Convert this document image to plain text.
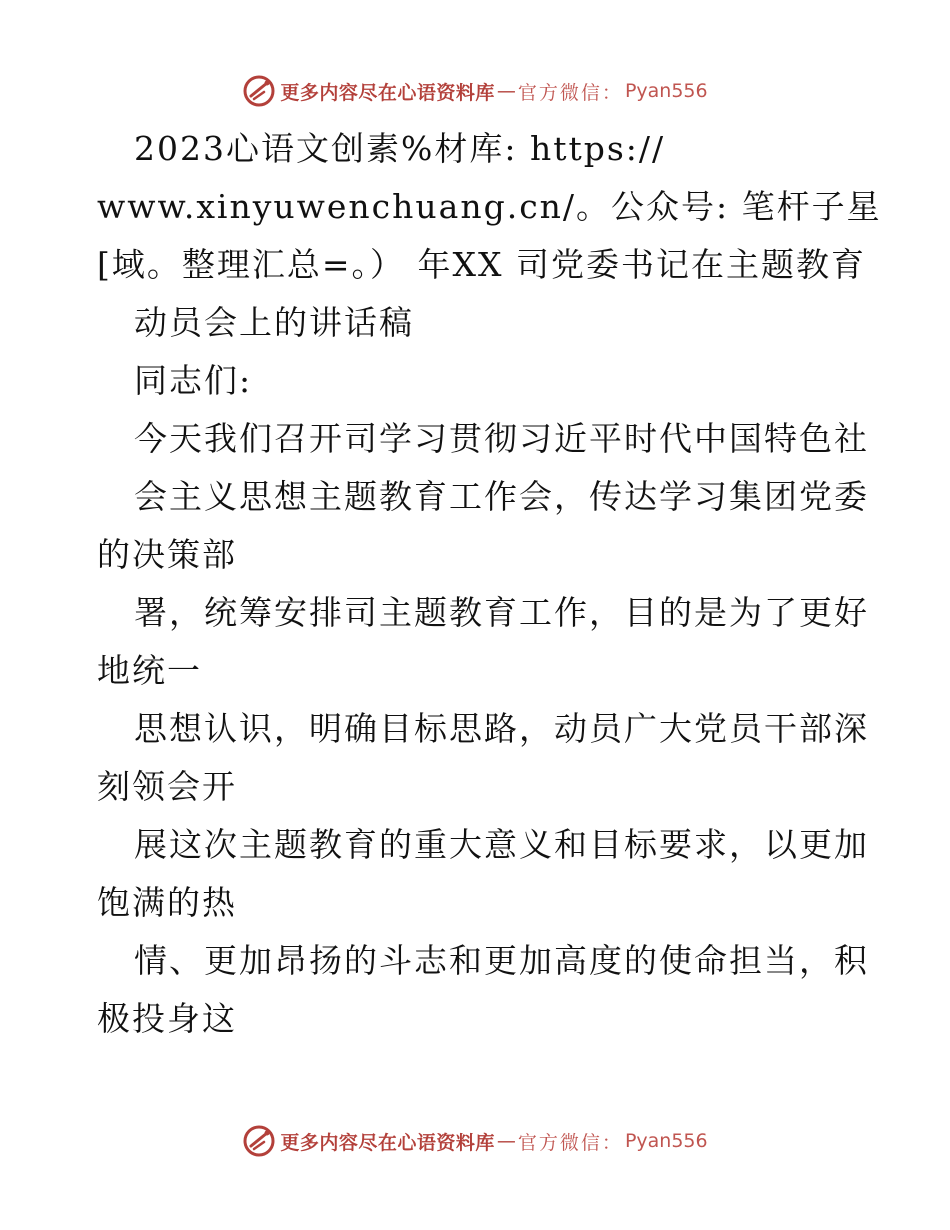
更多内容尽在心语资料库 — 官方微信： Pyan556
2023心语文创素%材库: https://
www.xinyuwenchuang.cn/。公众号: 笔杆子星
[域。整理汇总=。） 年XX 司党委书记在主题教育
动员会上的讲话稿
同志们:
今天我们召开司学习贯彻习近平时代中国特色社
会主义思想主题教育工作会，传达学习集团党委
的决策部
署，统筹安排司主题教育工作，目的是为了更好
地统一
思想认识，明确目标思路，动员广大党员干部深
刻领会开
展这次主题教育的重大意义和目标要求，以更加
饱满的热
情、更加昂扬的斗志和更加高度的使命担当，积
极投身这
更多内容尽在心语资料库 — 官方微信： Pyan556
